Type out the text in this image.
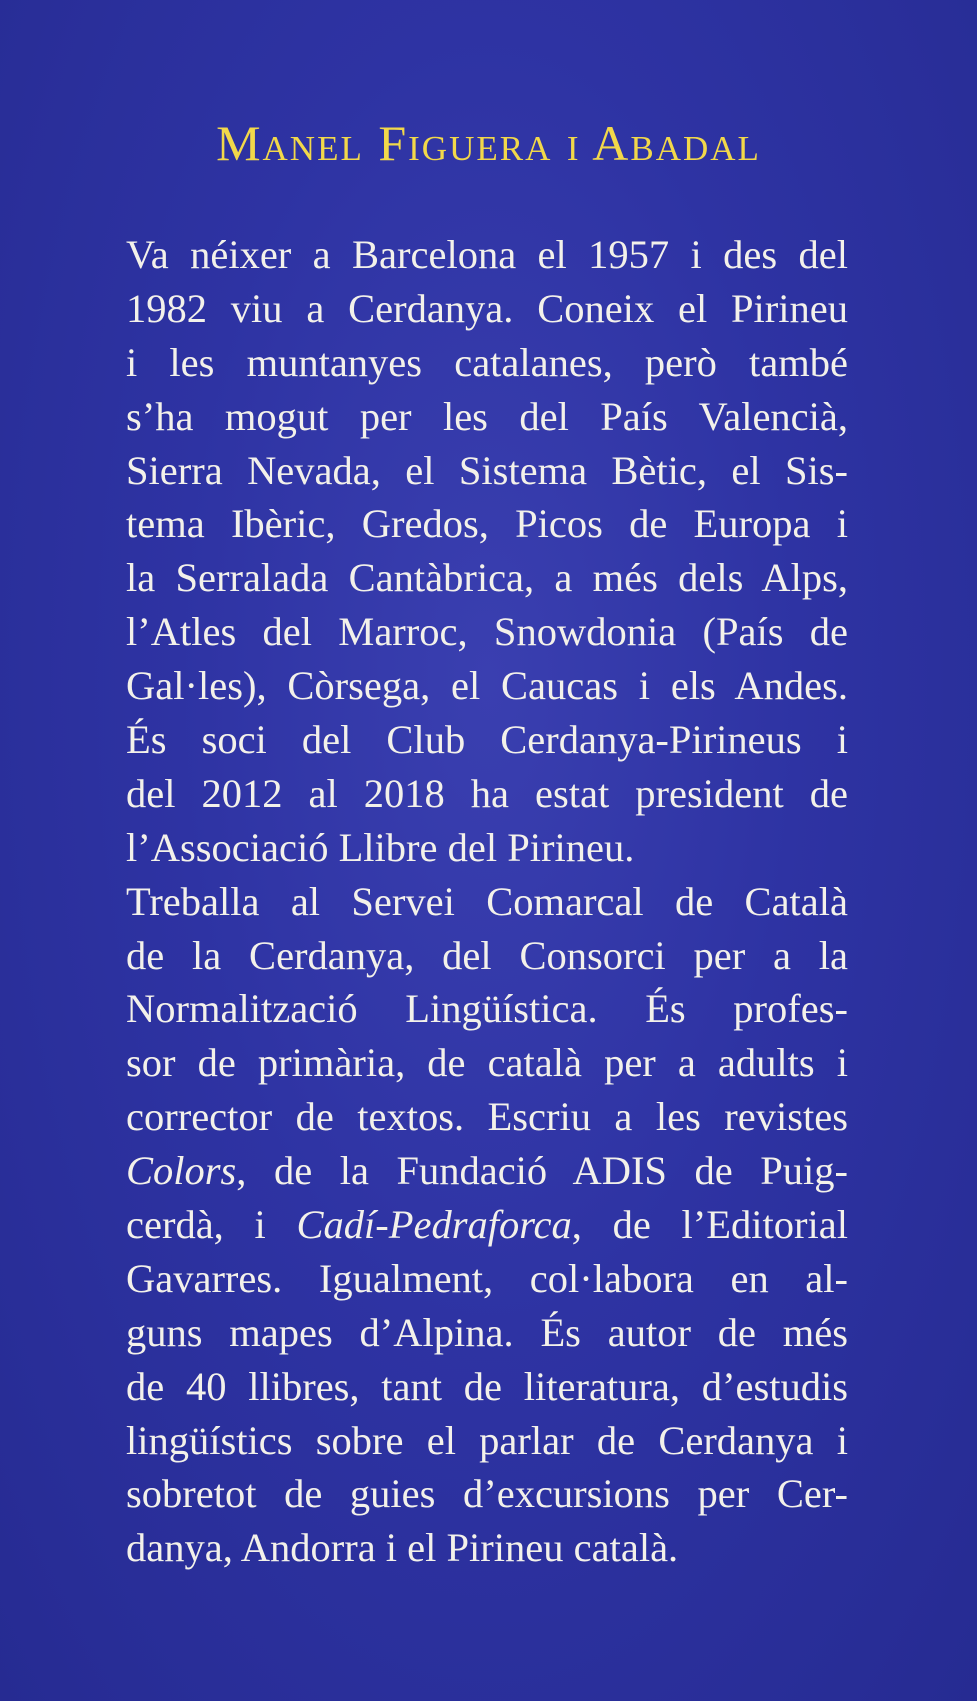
Manel Figuera i Abadal
Va néixer a Barcelona el 1957 i des del
1982 viu a Cerdanya. Coneix el Pirineu
i les muntanyes catalanes, però també
s’ha mogut per les del País Valencià,
Sierra Nevada, el Sistema Bètic, el Sis-
tema Ibèric, Gredos, Picos de Europa i
la Serralada Cantàbrica, a més dels Alps,
l’Atles del Marroc, Snowdonia (País de
Gal·les), Còrsega, el Caucas i els Andes.
És soci del Club Cerdanya-Pirineus i
del 2012 al 2018 ha estat president de
l’Associació Llibre del Pirineu.
Treballa al Servei Comarcal de Català
de la Cerdanya, del Consorci per a la
Normalització Lingüística. És profes-
sor de primària, de català per a adults i
corrector de textos. Escriu a les revistes
Colors, de la Fundació ADIS de Puig-
cerdà, i Cadí-Pedraforca, de l’Editorial
Gavarres. Igualment, col·labora en al-
guns mapes d’Alpina. És autor de més
de 40 llibres, tant de literatura, d’estudis
lingüístics sobre el parlar de Cerdanya i
sobretot de guies d’excursions per Cer-
danya, Andorra i el Pirineu català.
